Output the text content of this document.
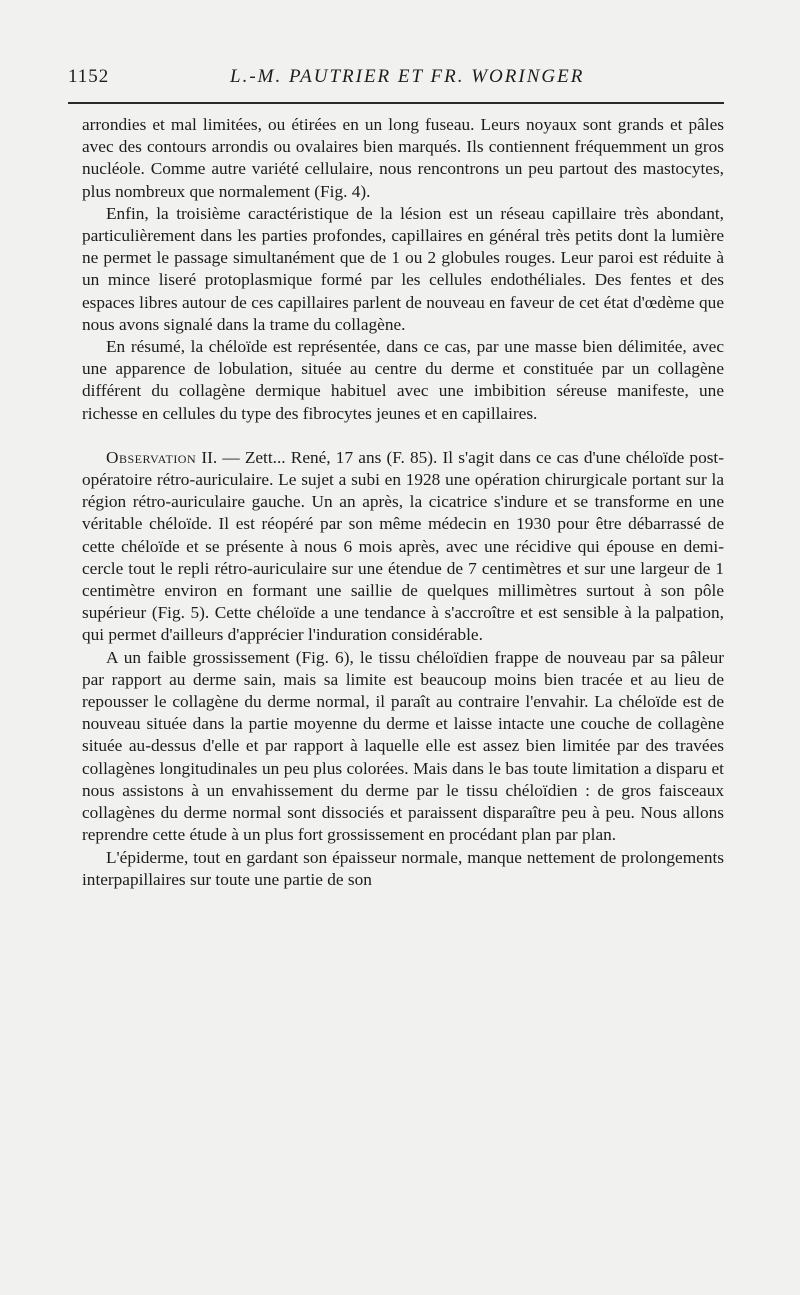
1152	L.-M. PAUTRIER ET FR. WORINGER

arrondies et mal limitées, ou étirées en un long fuseau. Leurs noyaux sont grands et pâles avec des contours arrondis ou ovalaires bien marqués. Ils contiennent fréquemment un gros nucléole. Comme autre variété cellulaire, nous rencontrons un peu partout des mastocytes, plus nombreux que normalement (Fig. 4).

Enfin, la troisième caractéristique de la lésion est un réseau capillaire très abondant, particulièrement dans les parties profondes, capillaires en général très petits dont la lumière ne permet le passage simultanément que de 1 ou 2 globules rouges. Leur paroi est réduite à un mince liseré protoplasmique formé par les cellules endothéliales. Des fentes et des espaces libres autour de ces capillaires parlent de nouveau en faveur de cet état d'œdème que nous avons signalé dans la trame du collagène.

En résumé, la chéloïde est représentée, dans ce cas, par une masse bien délimitée, avec une apparence de lobulation, située au centre du derme et constituée par un collagène différent du collagène dermique habituel avec une imbibition séreuse manifeste, une richesse en cellules du type des fibrocytes jeunes et en capillaires.

Observation II. — Zett... René, 17 ans (F. 85). Il s'agit dans ce cas d'une chéloïde post-opératoire rétro-auriculaire. Le sujet a subi en 1928 une opération chirurgicale portant sur la région rétro-auriculaire gauche. Un an après, la cicatrice s'indure et se transforme en une véritable chéloïde. Il est réopéré par son même médecin en 1930 pour être débarrassé de cette chéloïde et se présente à nous 6 mois après, avec une récidive qui épouse en demi-cercle tout le repli rétro-auriculaire sur une étendue de 7 centimètres et sur une largeur de 1 centimètre environ en formant une saillie de quelques millimètres surtout à son pôle supérieur (Fig. 5). Cette chéloïde a une tendance à s'accroître et est sensible à la palpation, qui permet d'ailleurs d'apprécier l'induration considérable.

A un faible grossissement (Fig. 6), le tissu chéloïdien frappe de nouveau par sa pâleur par rapport au derme sain, mais sa limite est beaucoup moins bien tracée et au lieu de repousser le collagène du derme normal, il paraît au contraire l'envahir. La chéloïde est de nouveau située dans la partie moyenne du derme et laisse intacte une couche de collagène située au-dessus d'elle et par rapport à laquelle elle est assez bien limitée par des travées collagènes longitudinales un peu plus colorées. Mais dans le bas toute limitation a disparu et nous assistons à un envahissement du derme par le tissu chéloïdien : de gros faisceaux collagènes du derme normal sont dissociés et paraissent disparaître peu à peu. Nous allons reprendre cette étude à un plus fort grossissement en procédant plan par plan.

L'épiderme, tout en gardant son épaisseur normale, manque nettement de prolongements interpapillaires sur toute une partie de son
